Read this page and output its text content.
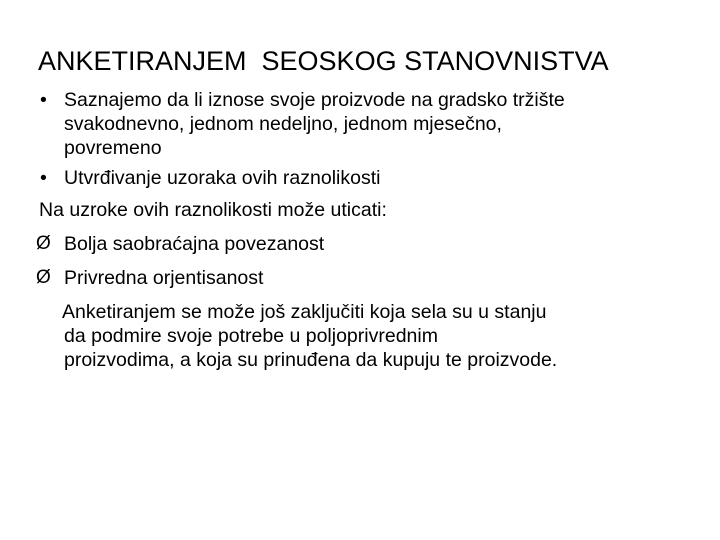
ANKETIRANJEM  SEOSKOG STANOVNISTVA
• Saznajemo da li iznose svoje proizvode na gradsko tržište
svakodnevno, jednom nedeljno, jednom mjesečno,
povremeno
• Utvrđivanje uzoraka ovih raznolikosti
Na uzroke ovih raznolikosti može uticati:
Ø Bolja saobraćajna povezanost
Ø Privredna orjentisanost
Anketiranjem se može još zaključiti koja sela su u stanju
da podmire svoje potrebe u poljoprivrednim
proizvodima, a koja su prinuđena da kupuju te proizvode.
